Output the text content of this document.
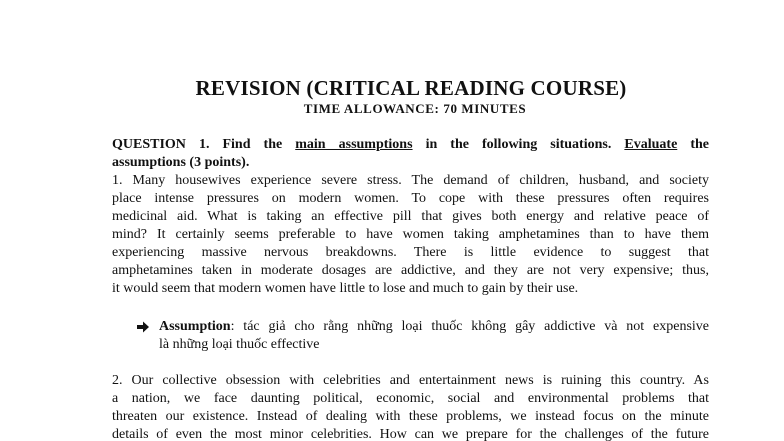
REVISION (CRITICAL READING COURSE)
TIME ALLOWANCE: 70 MINUTES
QUESTION 1. Find the main assumptions in the following situations. Evaluate the
assumptions (3 points).
1. Many housewives experience severe stress. The demand of children, husband, and society
place intense pressures on modern women. To cope with these pressures often requires
medicinal aid. What is taking an effective pill that gives both energy and relative peace of
mind? It certainly seems preferable to have women taking amphetamines than to have them
experiencing massive nervous breakdowns. There is little evidence to suggest that
amphetamines taken in moderate dosages are addictive, and they are not very expensive; thus,
it would seem that modern women have little to lose and much to gain by their use.
Assumption: tác giả cho rằng những loại thuốc không gây addictive và not expensive
là những loại thuốc effective
2. Our collective obsession with celebrities and entertainment news is ruining this country. As
a nation, we face daunting political, economic, social and environmental problems that
threaten our existence. Instead of dealing with these problems, we instead focus on the minute
details of even the most minor celebrities. How can we prepare for the challenges of the future
